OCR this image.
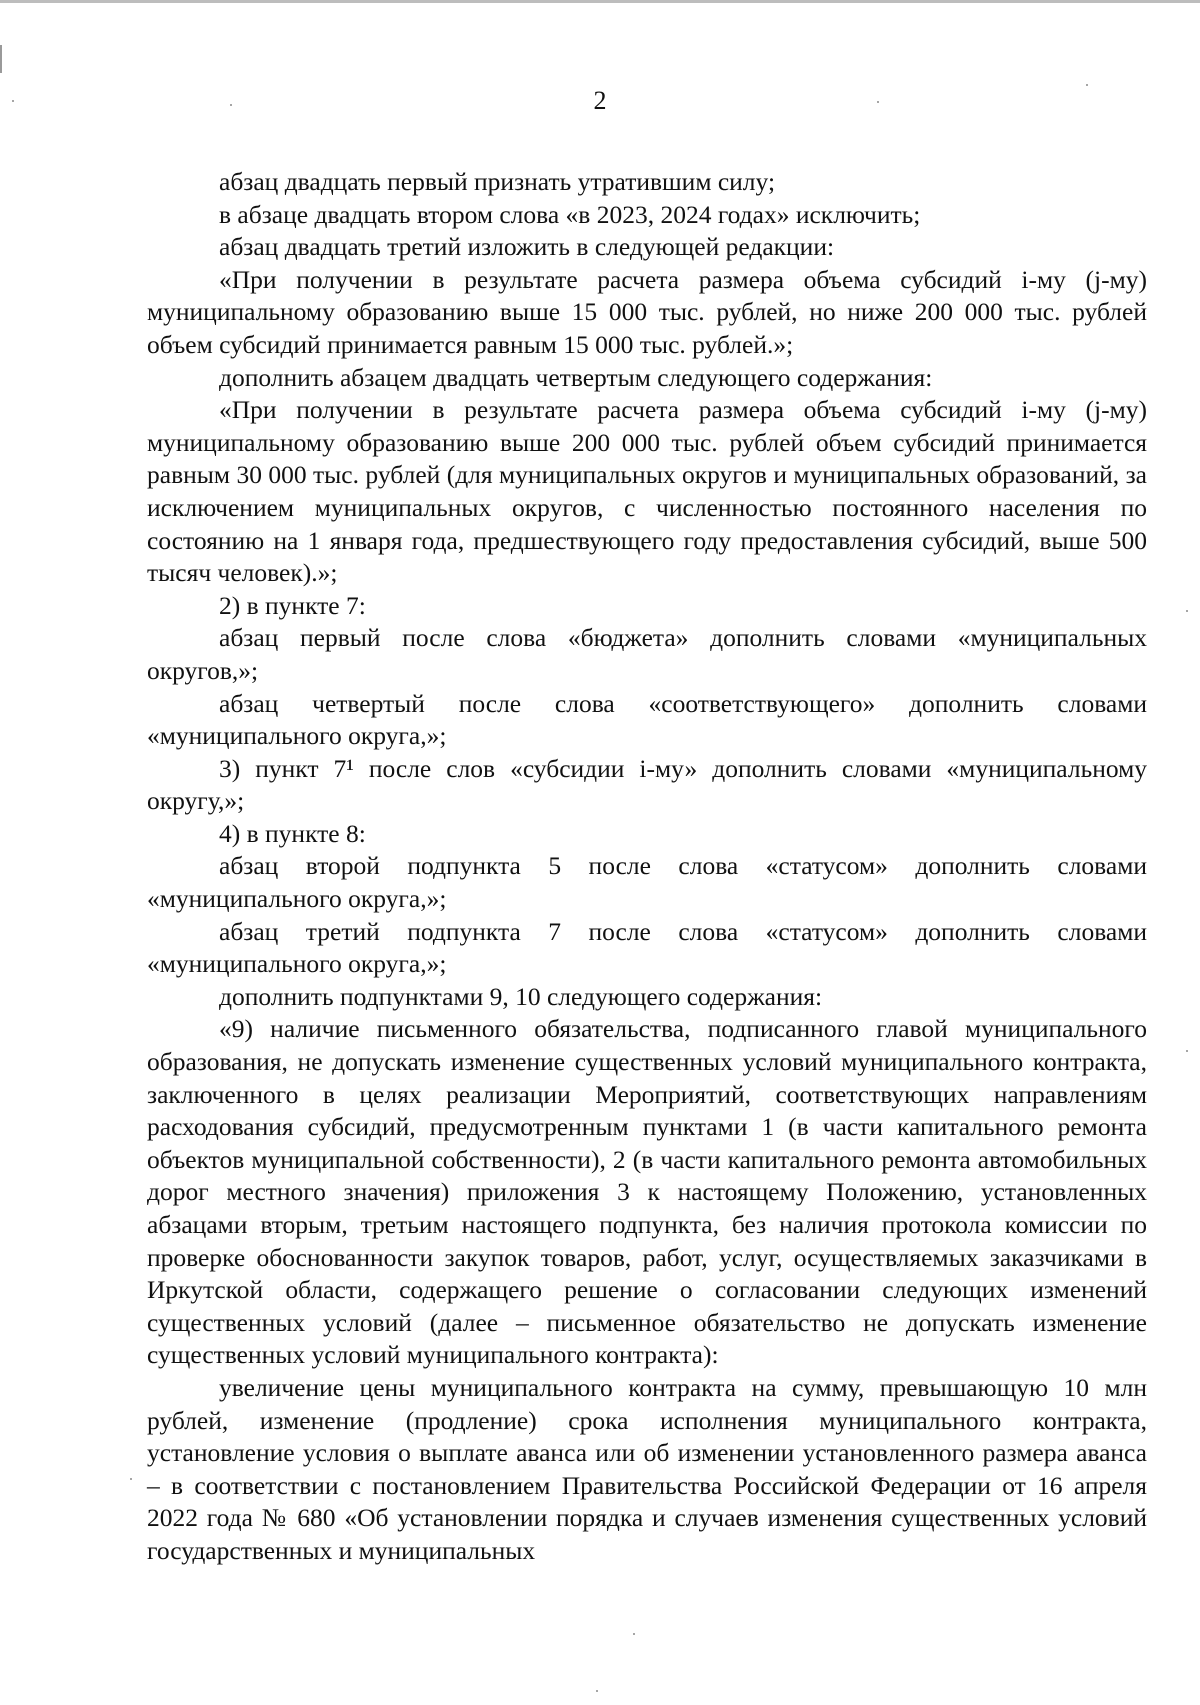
2

абзац двадцать первый признать утратившим силу;

в абзаце двадцать втором слова «в 2023, 2024 годах» исключить;

абзац двадцать третий изложить в следующей редакции:

«При получении в результате расчета размера объема субсидий i-му (j-му) муниципальному образованию выше 15 000 тыс. рублей, но ниже 200 000 тыс. рублей объем субсидий принимается равным 15 000 тыс. рублей.»;

дополнить абзацем двадцать четвертым следующего содержания:

«При получении в результате расчета размера объема субсидий i-му (j-му) муниципальному образованию выше 200 000 тыс. рублей объем субсидий принимается равным 30 000 тыс. рублей (для муниципальных округов и муниципальных образований, за исключением муниципальных округов, с численностью постоянного населения по состоянию на 1 января года, предшествующего году предоставления субсидий, выше 500 тысяч человек).»;

2) в пункте 7:

абзац первый после слова «бюджета» дополнить словами «муниципальных округов,»;

абзац четвертый после слова «соответствующего» дополнить словами «муниципального округа,»;

3) пункт 7¹ после слов «субсидии i-му» дополнить словами «муниципальному округу,»;

4) в пункте 8:

абзац второй подпункта 5 после слова «статусом» дополнить словами «муниципального округа,»;

абзац третий подпункта 7 после слова «статусом» дополнить словами «муниципального округа,»;

дополнить подпунктами 9, 10 следующего содержания:

«9) наличие письменного обязательства, подписанного главой муниципального образования, не допускать изменение существенных условий муниципального контракта, заключенного в целях реализации Мероприятий, соответствующих направлениям расходования субсидий, предусмотренным пунктами 1 (в части капитального ремонта объектов муниципальной собственности), 2 (в части капитального ремонта автомобильных дорог местного значения) приложения 3 к настоящему Положению, установленных абзацами вторым, третьим настоящего подпункта, без наличия протокола комиссии по проверке обоснованности закупок товаров, работ, услуг, осуществляемых заказчиками в Иркутской области, содержащего решение о согласовании следующих изменений существенных условий (далее – письменное обязательство не допускать изменение существенных условий муниципального контракта):

увеличение цены муниципального контракта на сумму, превышающую 10 млн рублей, изменение (продление) срока исполнения муниципального контракта, установление условия о выплате аванса или об изменении установленного размера аванса – в соответствии с постановлением Правительства Российской Федерации от 16 апреля 2022 года № 680 «Об установлении порядка и случаев изменения существенных условий государственных и муниципальных
